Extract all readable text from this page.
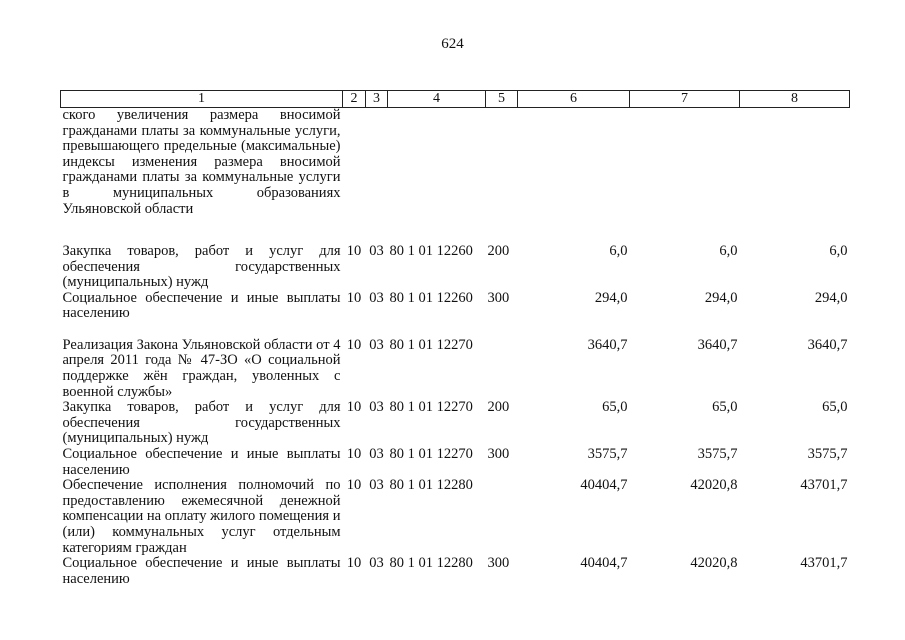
624
1	2	3	4	5	6	7	8
ского увеличения размера вносимой гражданами платы за коммунальные услуги, превышающего предельные (максимальные) индексы изменения размера вносимой гражданами платы за коммунальные услуги в муниципальных образованиях Ульяновской области							
Закупка товаров, работ и услуг для обеспечения государственных (муниципальных) нужд	10	03	80 1 01 12260	200	6,0	6,0	6,0
Социальное обеспечение и иные выплаты населению	10	03	80 1 01 12260	300	294,0	294,0	294,0
Реализация Закона Ульяновской области от 4 апреля 2011 года № 47-ЗО «О социальной поддержке жён граждан, уволенных с военной службы»	10	03	80 1 01 12270		3640,7	3640,7	3640,7
Закупка товаров, работ и услуг для обеспечения государственных (муниципальных) нужд	10	03	80 1 01 12270	200	65,0	65,0	65,0
Социальное обеспечение и иные выплаты населению	10	03	80 1 01 12270	300	3575,7	3575,7	3575,7
Обеспечение исполнения полномочий по предоставлению ежемесячной денежной компенсации на оплату жилого помещения и (или) коммунальных услуг отдельным категориям граждан	10	03	80 1 01 12280		40404,7	42020,8	43701,7
Социальное обеспечение и иные выплаты населению	10	03	80 1 01 12280	300	40404,7	42020,8	43701,7
